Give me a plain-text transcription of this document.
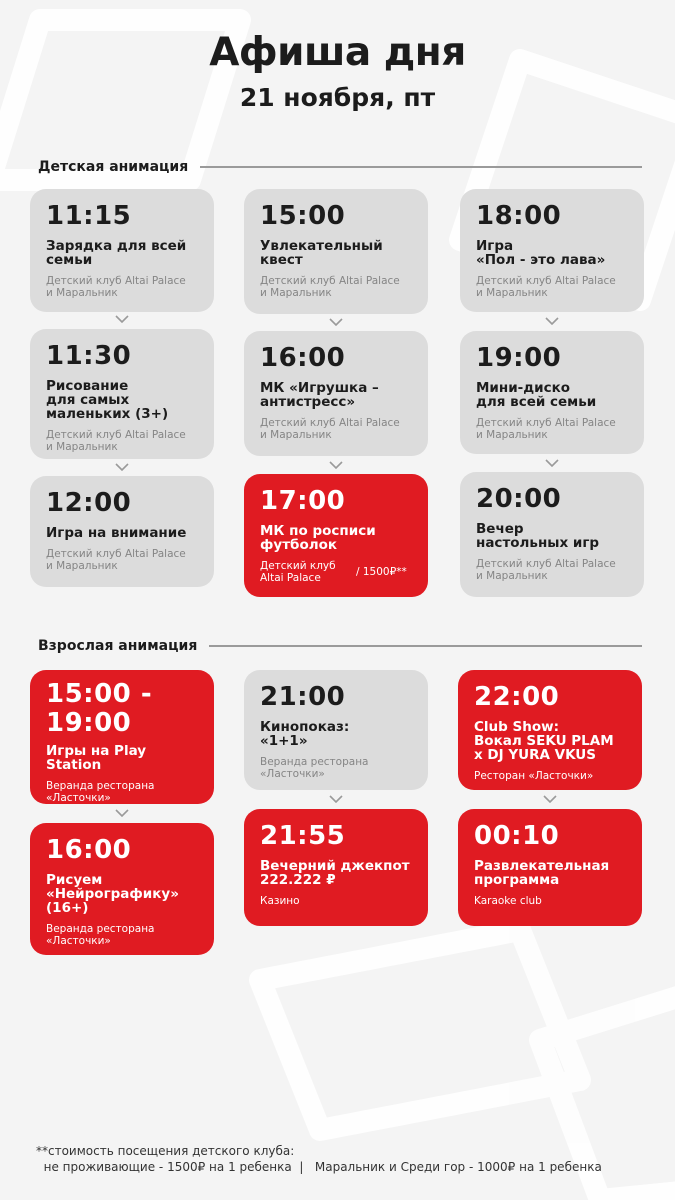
Афиша дня
21 ноября, пт
Детская анимация
11:15
Зарядка для всей
семьи
Детский клуб Altai Palace
и Маральник
11:30
Рисование
для самых
маленьких (3+)
Детский клуб Altai Palace
и Маральник
12:00
Игра на внимание
Детский клуб Altai Palace
и Маральник
15:00
Увлекательный
квест
Детский клуб Altai Palace
и Маральник
16:00
МК «Игрушка –
антистресс»
Детский клуб Altai Palace
и Маральник
17:00
МК по росписи
футболок
Детский клуб
Altai Palace	/ 1500₽**
18:00
Игра
«Пол - это лава»
Детский клуб Altai Palace
и Маральник
19:00
Мини-диско
для всей семьи
Детский клуб Altai Palace
и Маральник
20:00
Вечер
настольных игр
Детский клуб Altai Palace
и Маральник
Взрослая анимация
15:00 -
19:00
Игры на Play Station
Веранда ресторана
«Ласточки»
16:00
Рисуем
«Нейрографику»
(16+)
Веранда ресторана
«Ласточки»
21:00
Кинопоказ:
«1+1»
Веранда ресторана
«Ласточки»
21:55
Вечерний джекпот
222.222 ₽
Казино
22:00
Club Show:
Вокал SEKU PLAM
x DJ YURA VKUS
Ресторан «Ласточки»
00:10
Развлекательная
программа
Karaoke club
**стоимость посещения детского клуба:
не проживающие - 1500₽ на 1 ребенка  |   Маральник и Среди гор - 1000₽ на 1 ребенка
